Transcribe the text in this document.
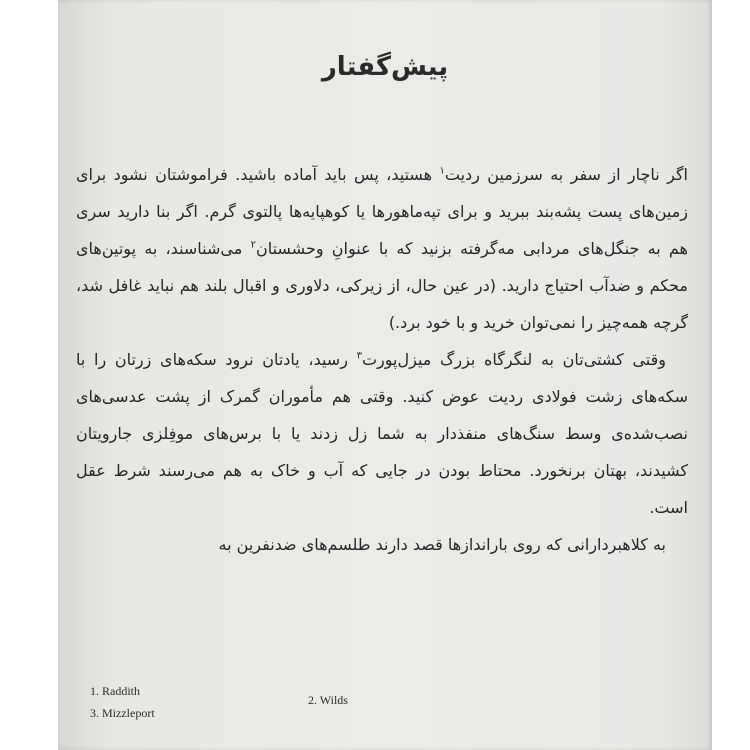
پیش‌گفتار

اگر ناچار از سفر به سرزمین ردیت$^۱$ هستید، پس باید آماده باشید. فراموشتان نشود برای زمین‌های پست پشه‌بند ببرید و برای تپه‌ماهورها یا کوهپایه‌ها پالتوی گرم. اگر بنا دارید سری هم به جنگل‌های مردابی مه‌گرفته بزنید که با عنوانِ وحشستان$^۲$ می‌شناسند، به پوتین‌های محکم و ضدآب احتیاج دارید. (در عین حال، از زیرکی، دلاوری و اقبال بلند هم نباید غافل شد، گرچه همه‌چیز را نمی‌توان خرید و با خود برد.)

وقتی کشتی‌تان به لنگرگاه بزرگ میزل‌پورت$^۳$ رسید، یادتان نرود سکه‌های زرتان را با سکه‌های زشت فولادی ردیت عوض کنید. وقتی هم مأموران گمرک از پشت عدسی‌های نصب‌شده‌ی وسط سنگ‌های منفذدار به شما زل زدند یا با برس‌های موفِلزی جارویتان کشیدند، بهتان برنخورد. محتاط بودن در جایی که آب و خاک به هم می‌رسند شرط عقل است.

به کلاهبردارانی که روی باراندازها قصد دارند طلسم‌های ضدنفرین به

1. Raddith
2. Wilds
3. Mizzleport
